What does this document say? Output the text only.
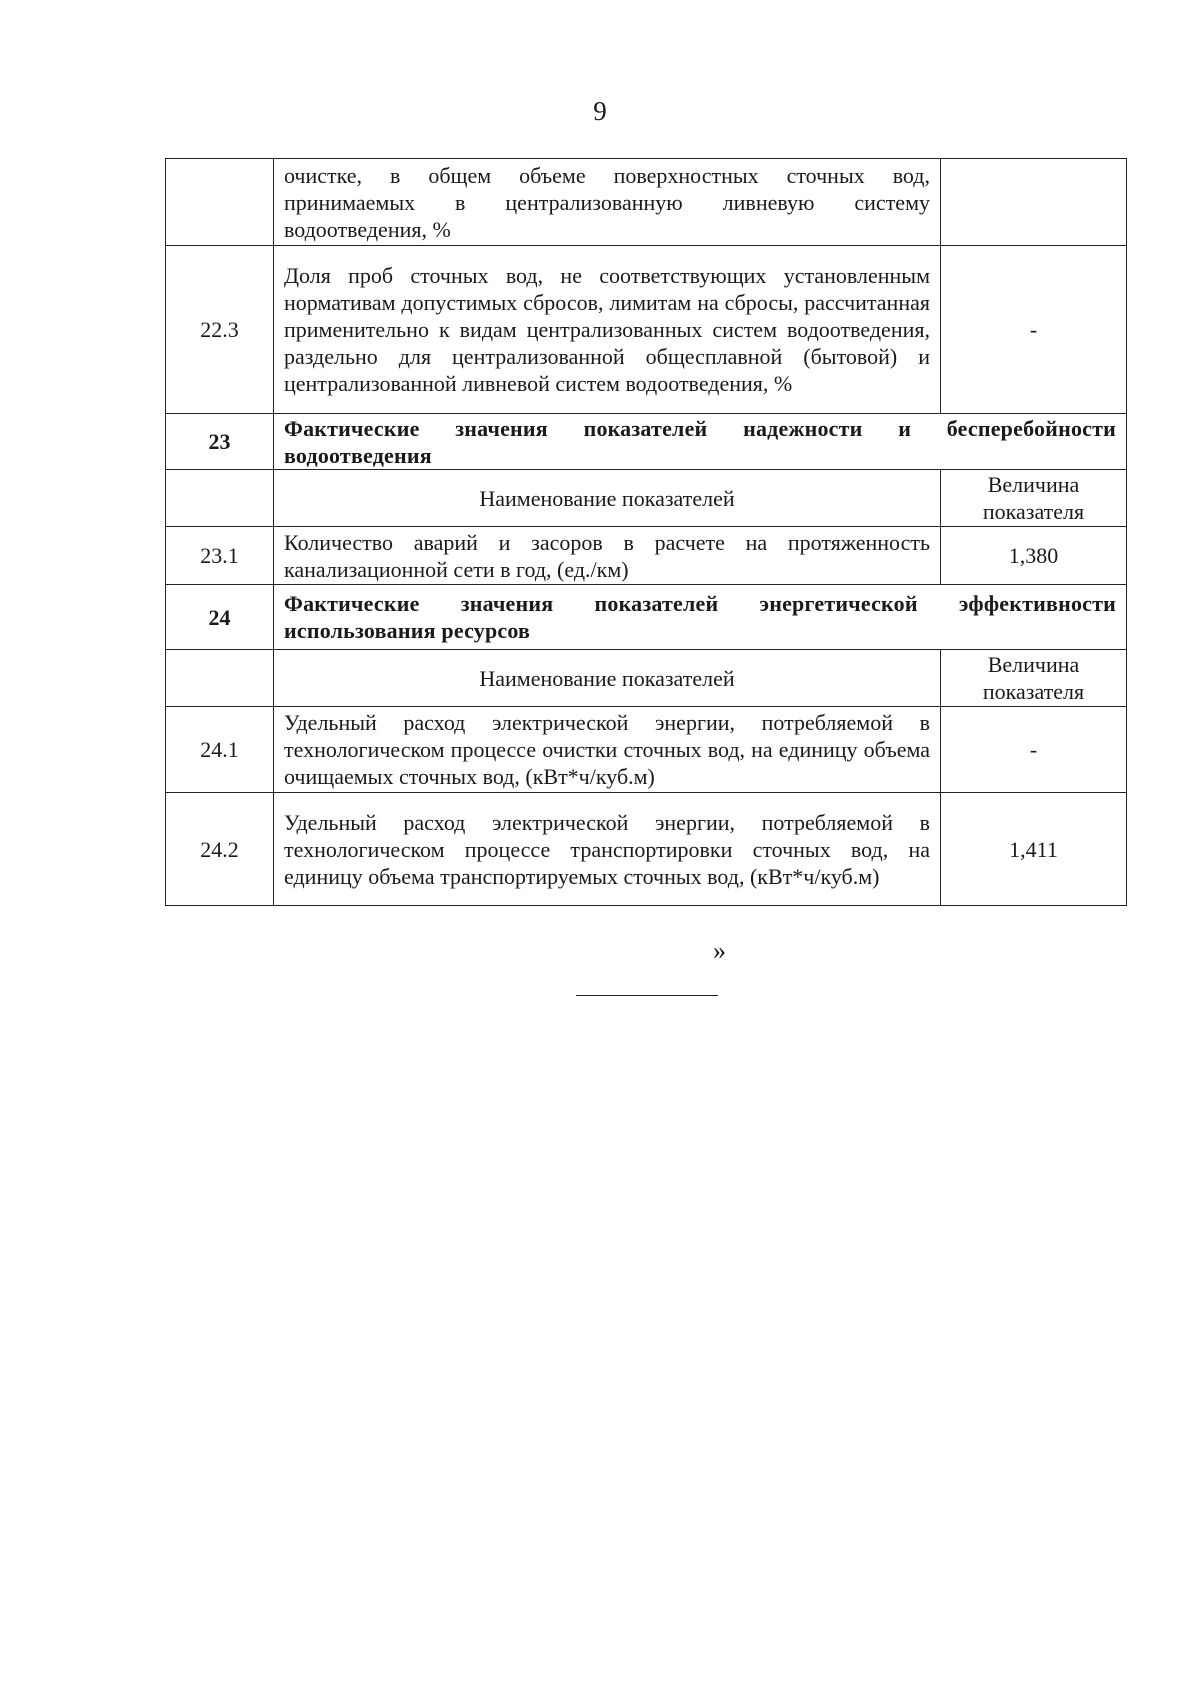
9
	очистке, в общем объеме поверхностных сточных вод, принимаемых в централизованную ливневую систему водоотведения, %	
22.3	Доля проб сточных вод, не соответствующих установленным нормативам допустимых сбросов, лимитам на сбросы, рассчитанная применительно к видам централизованных систем водоотведения, раздельно для централизованной общесплавной (бытовой) и централизованной ливневой систем водоотведения, %	-
23	Фактические значения показателей надежности и бесперебойности водоотведения	
	Наименование показателей	Величина показателя
23.1	Количество аварий и засоров в расчете на протяженность канализационной сети в год, (ед./км)	1,380
24	Фактические значения показателей энергетической эффективности использования ресурсов	
	Наименование показателей	Величина показателя
24.1	Удельный расход электрической энергии, потребляемой в технологическом процессе очистки сточных вод, на единицу объема очищаемых сточных вод, (кВт*ч/куб.м)	-
24.2	Удельный расход электрической энергии, потребляемой в технологическом процессе транспортировки сточных вод, на единицу объема транспортируемых сточных вод, (кВт*ч/куб.м)	1,411
»
